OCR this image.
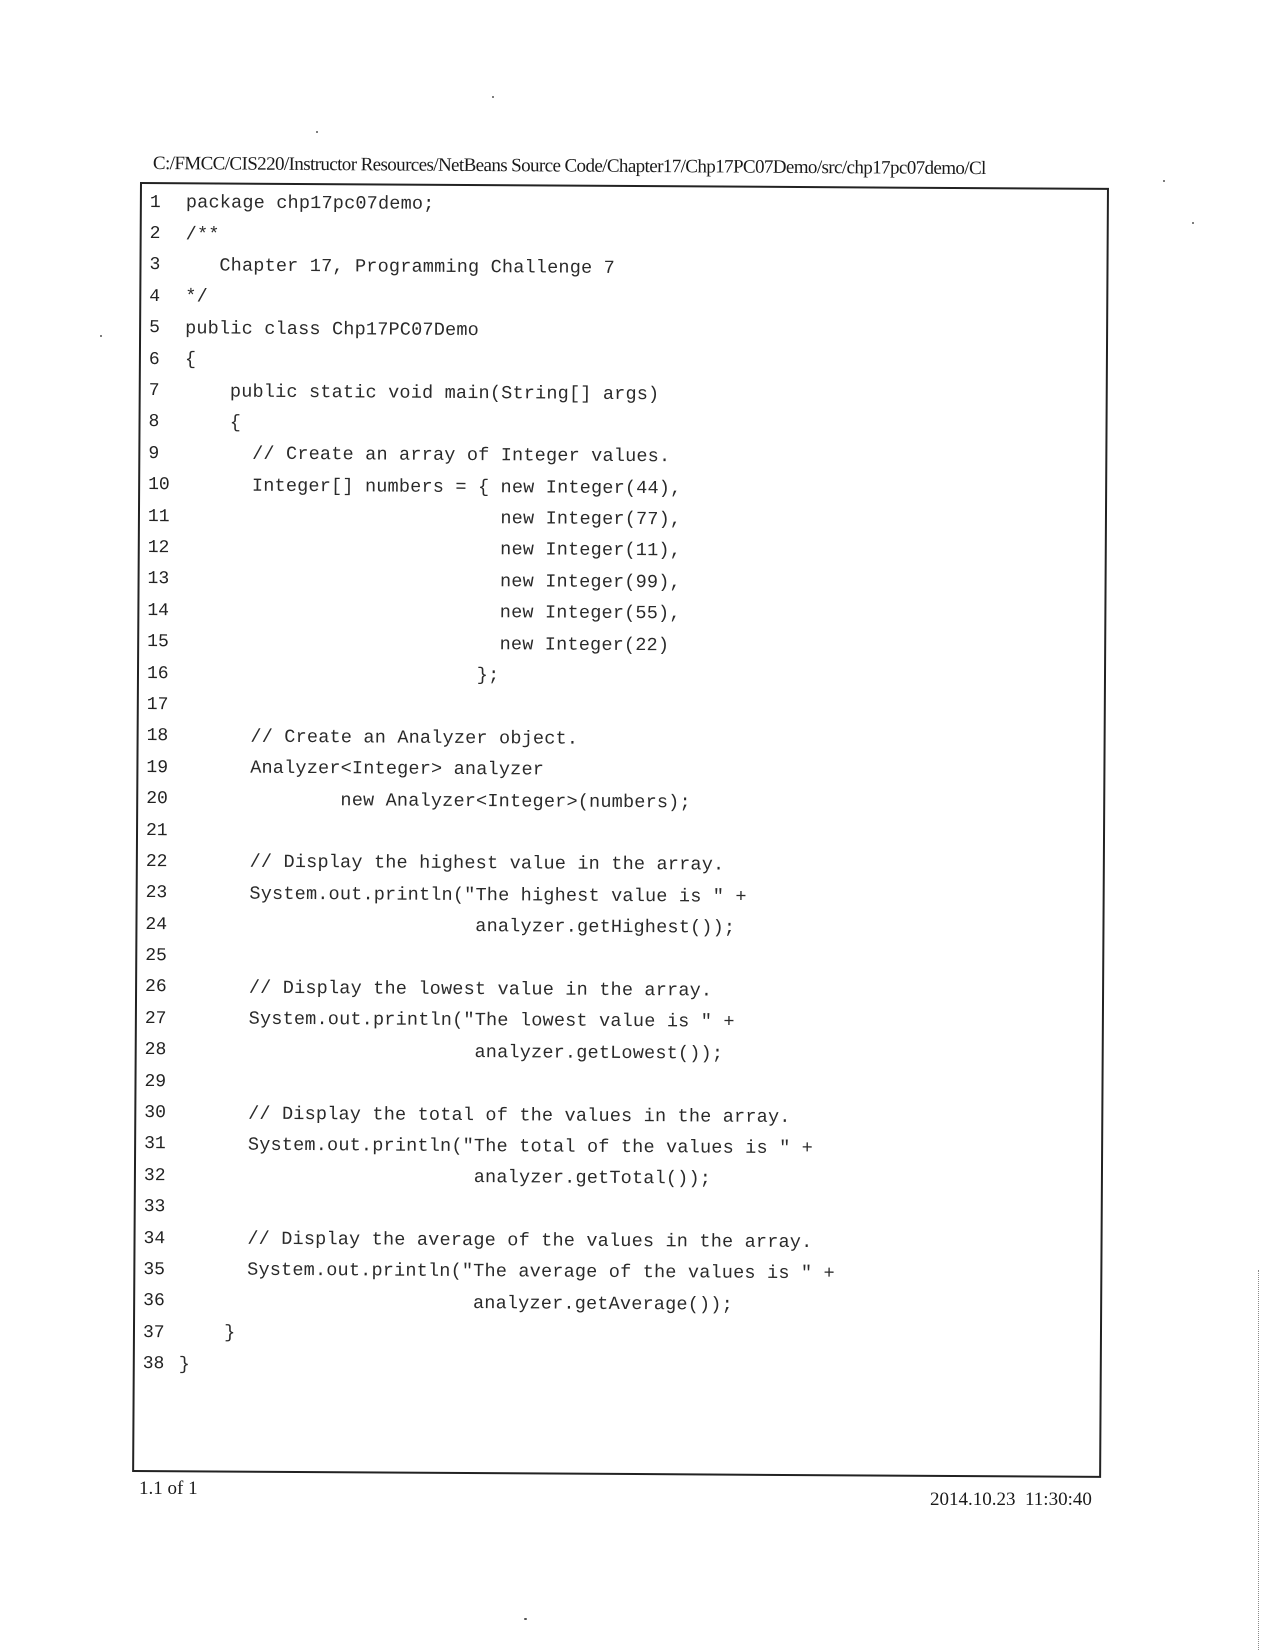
C:/FMCC/CIS220/Instructor Resources/NetBeans Source Code/Chapter17/Chp17PC07Demo/src/chp17pc07demo/Cl
1	package chp17pc07demo;
2	/**
3	Chapter 17, Programming Challenge 7
4	*/
5	public class Chp17PC07Demo
6	{
7	public static void main(String[] args)
8	{
9	// Create an array of Integer values.
10 Integer[] numbers = { new Integer(44),
11 new Integer(77),
12 new Integer(11),
13 new Integer(99),
14 new Integer(55),
15 new Integer(22)
16 };
17
18 // Create an Analyzer object.
19 Analyzer<Integer> analyzer
20 new Analyzer<Integer>(numbers);
21
22 // Display the highest value in the array.
23 System.out.println("The highest value is " +
24 analyzer.getHighest());
25
26 // Display the lowest value in the array.
27 System.out.println("The lowest value is " +
28 analyzer.getLowest());
29
30 // Display the total of the values in the array.
31 System.out.println("The total of the values is " +
32 analyzer.getTotal());
33
34 // Display the average of the values in the array.
35 System.out.println("The average of the values is " +
36 analyzer.getAverage());
37 }
38 }
1.1 of 1
2014.10.23  11:30:40
